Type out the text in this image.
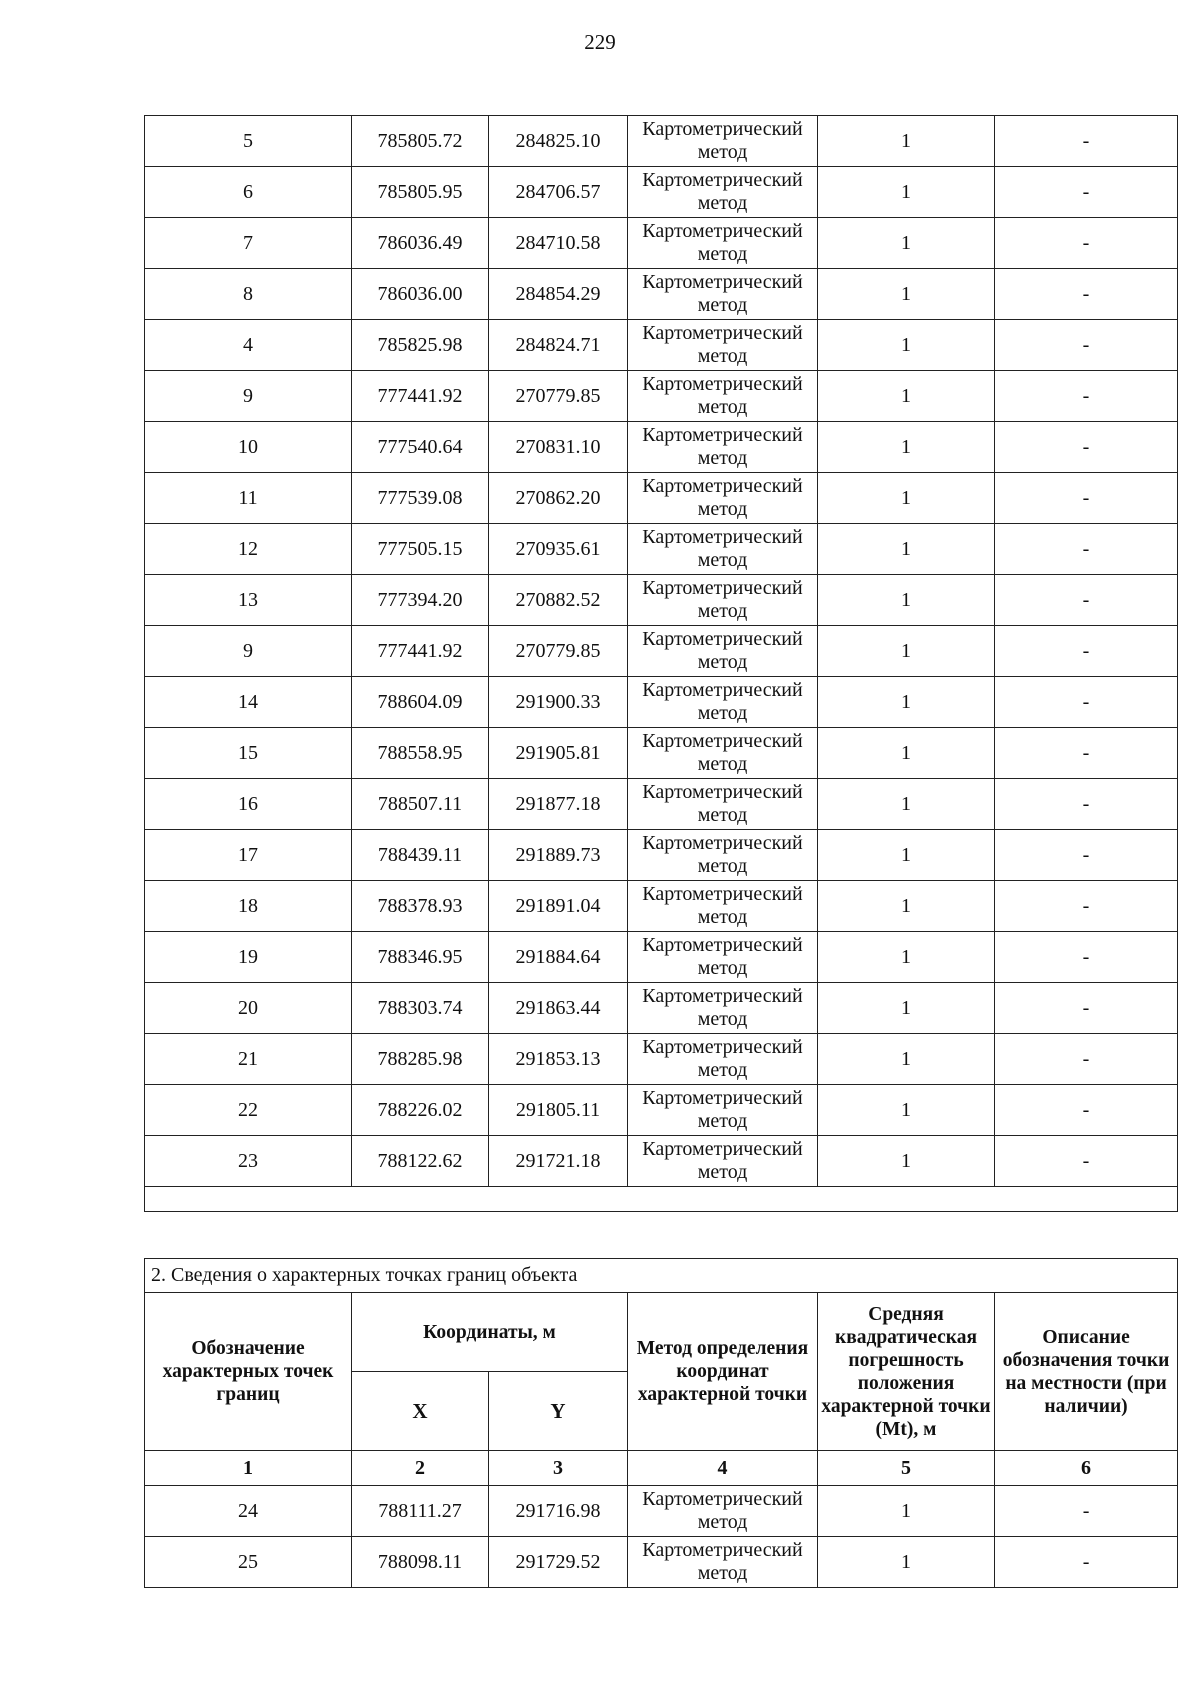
229
5	785805.72	284825.10	Картометрический метод	1	-
6	785805.95	284706.57	Картометрический метод	1	-
7	786036.49	284710.58	Картометрический метод	1	-
8	786036.00	284854.29	Картометрический метод	1	-
4	785825.98	284824.71	Картометрический метод	1	-
9	777441.92	270779.85	Картометрический метод	1	-
10	777540.64	270831.10	Картометрический метод	1	-
11	777539.08	270862.20	Картометрический метод	1	-
12	777505.15	270935.61	Картометрический метод	1	-
13	777394.20	270882.52	Картометрический метод	1	-
9	777441.92	270779.85	Картометрический метод	1	-
14	788604.09	291900.33	Картометрический метод	1	-
15	788558.95	291905.81	Картометрический метод	1	-
16	788507.11	291877.18	Картометрический метод	1	-
17	788439.11	291889.73	Картометрический метод	1	-
18	788378.93	291891.04	Картометрический метод	1	-
19	788346.95	291884.64	Картометрический метод	1	-
20	788303.74	291863.44	Картометрический метод	1	-
21	788285.98	291853.13	Картометрический метод	1	-
22	788226.02	291805.11	Картометрический метод	1	-
23	788122.62	291721.18	Картометрический метод	1	-

2. Сведения о характерных точках границ объекта					
Обозначение характерных точек границ	Координаты, м		Метод определения координат характерной точки	Средняя квадратическая погрешность положения характерной точки (Mt), м	Описание обозначения точки на местности (при наличии)
	X	Y			
1	2	3	4	5	6
24	788111.27	291716.98	Картометрический метод	1	-
25	788098.11	291729.52	Картометрический метод	1	-
